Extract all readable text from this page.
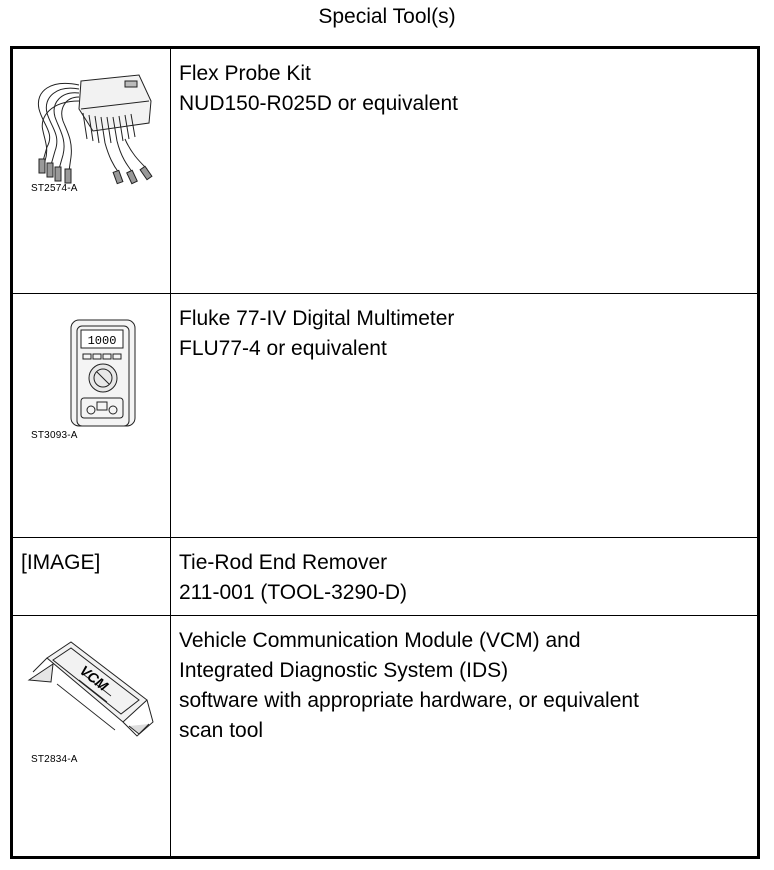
Special Tool(s)
ST2574-A	Flex Probe Kit
NUD150-R025D or equivalent

1000
ST3093-A	Fluke 77-IV Digital Multimeter
FLU77-4 or equivalent

[IMAGE]	Tie-Rod End Remover
211-001 (TOOL-3290-D)

VCM
ST2834-A	Vehicle Communication Module (VCM) and
Integrated Diagnostic System (IDS)
software with appropriate hardware, or equivalent
scan tool
